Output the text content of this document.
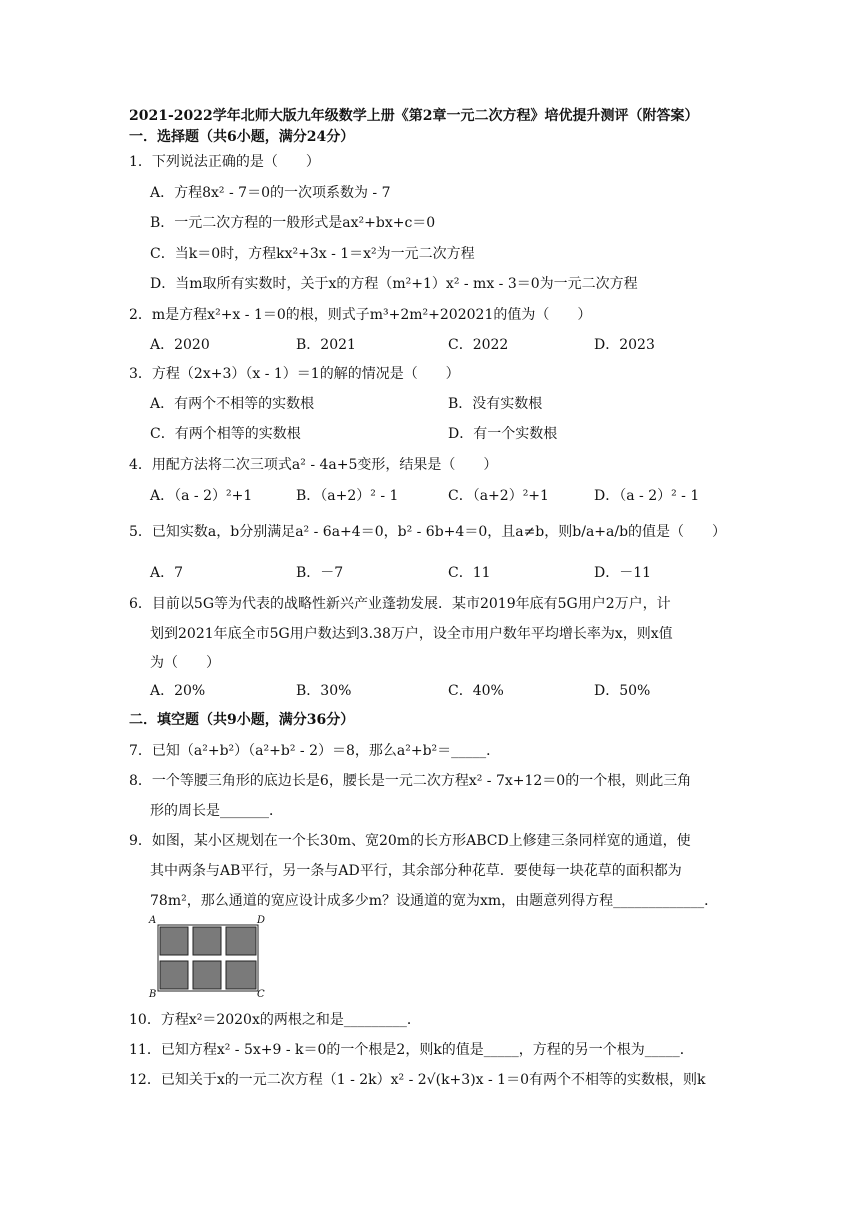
2021-2022学年北师大版九年级数学上册《第2章一元二次方程》培优提升测评（附答案）
一．选择题（共6小题，满分24分）
1．下列说法正确的是（　　）
A．方程8x² - 7＝0的一次项系数为 - 7
B．一元二次方程的一般形式是ax²+bx+c＝0
C．当k＝0时，方程kx²+3x - 1＝x²为一元二次方程
D．当m取所有实数时，关于x的方程（m²+1）x² - mx - 3＝0为一元二次方程
2．m是方程x²+x - 1＝0的根，则式子m³+2m²+202021的值为（　　）
A．2020	B．2021	C．2022	D．2023
3．方程（2x+3）（x - 1）＝1的解的情况是（　　）
A．有两个不相等的实数根	B．没有实数根
C．有两个相等的实数根	D．有一个实数根
4．用配方法将二次三项式a² - 4a+5变形，结果是（　　）
A．（a - 2）²+1	B．（a+2）² - 1	C．（a+2）²+1	D．（a - 2）² - 1
5．已知实数a，b分别满足a² - 6a+4＝0，b² - 6b+4＝0，且a≠b，则b/a+a/b的值是（　　）
A．7	B．－7	C．11	D．－11
6．目前以5G等为代表的战略性新兴产业蓬勃发展．某市2019年底有5G用户2万户，计
划到2021年底全市5G用户数达到3.38万户，设全市用户数年平均增长率为x，则x值
为（　　）
A．20%	B．30%	C．40%	D．50%
二．填空题（共9小题，满分36分）
7．已知（a²+b²）（a²+b² - 2）＝8，那么a²+b²＝_____．
8．一个等腰三角形的底边长是6，腰长是一元二次方程x² - 7x+12＝0的一个根，则此三角
形的周长是_______．
9．如图，某小区规划在一个长30m、宽20m的长方形ABCD上修建三条同样宽的通道，使
其中两条与AB平行，另一条与AD平行，其余部分种花草．要使每一块花草的面积都为
78m²，那么通道的宽应设计成多少m？设通道的宽为xm，由题意列得方程_____________．
A	D
B	C
10．方程x²＝2020x的两根之和是_________．
11．已知方程x² - 5x+9 - k＝0的一个根是2，则k的值是_____，方程的另一个根为_____．
12．已知关于x的一元二次方程（1 - 2k）x² - 2√(k+3)x - 1＝0有两个不相等的实数根，则k
